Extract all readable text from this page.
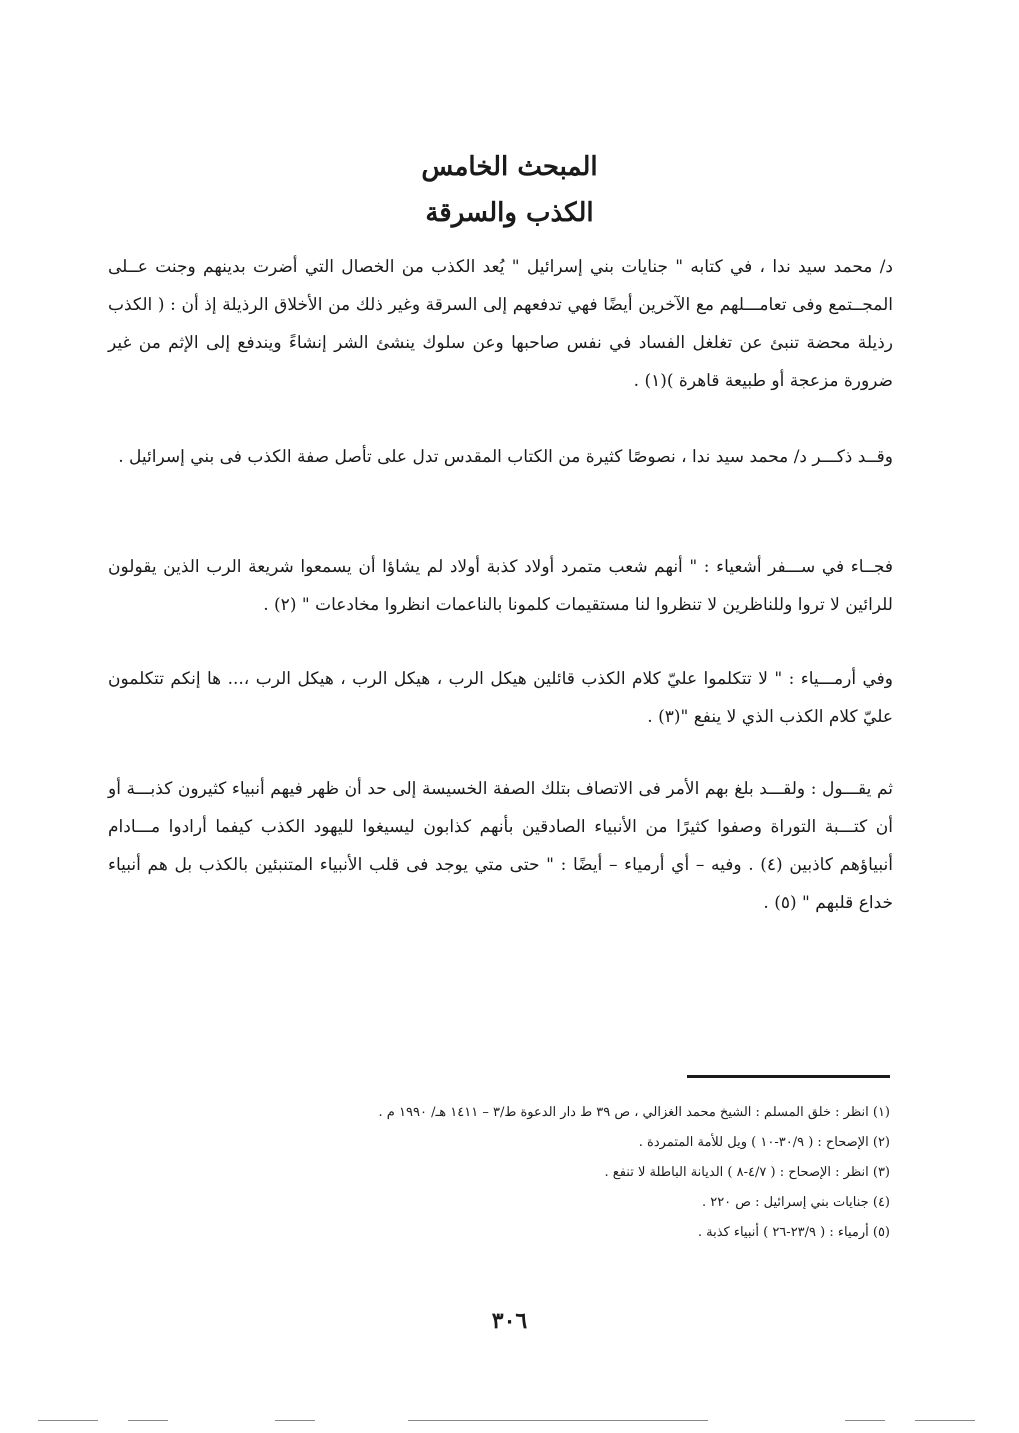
المبحث الخامس
الكذب والسرقة

د/ محمد سيد ندا ، في كتابه " جنايات بني إسرائيل " يُعد الكذب من الخصال التي أضرت بدينهم وجنت عــلى المجــتمع وفى تعامـــلهم مع الآخرين أيضًا فهي تدفعهم إلى السرقة وغير ذلك من الأخلاق الرذيلة إذ أن : ( الكذب رذيلة محضة تنبئ عن تغلغل الفساد في نفس صاحبها وعن سلوك ينشئ الشر إنشاءً ويندفع إلى الإثم من غير ضرورة مزعجة أو طبيعة قاهرة )(١) .

وقــد ذكـــر د/ محمد سيد ندا ، نصوصًا كثيرة من الكتاب المقدس تدل على تأصل صفة الكذب فى بني إسرائيل .

فجــاء في ســـفر أشعياء : " أنهم شعب متمرد أولاد كذبة أولاد لم يشاؤا أن يسمعوا شريعة الرب الذين يقولون للرائين لا تروا وللناظرين لا تنظروا لنا مستقيمات كلمونا بالناعمات انظروا مخادعات " (٢) .

وفي أرمـــياء : " لا تتكلموا عليّ كلام الكذب قائلين هيكل الرب ، هيكل الرب ، هيكل الرب ،... ها إنكم تتكلمون عليّ كلام الكذب الذي لا ينفع "(٣) .

ثم يقـــول : ولقـــد بلغ بهم الأمر فى الاتصاف بتلك الصفة الخسيسة إلى حد أن ظهر فيهم أنبياء كثيرون كذبـــة أو أن كتـــبة التوراة وصفوا كثيرًا من الأنبياء الصادقين بأنهم كذابون ليسيغوا لليهود الكذب كيفما أرادوا مـــادام أنبياؤهم كاذبين (٤) . وفيه – أي أرمياء – أيضًا : " حتى متي يوجد فى قلب الأنبياء المتنبئين بالكذب بل هم أنبياء خداع قلبهم " (٥) .

(١) انظر : خلق المسلم : الشيخ محمد الغزالي ، ص ٣٩ ط دار الدعوة ط/٣ – ١٤١١ هـ/ ١٩٩٠ م .
(٢) الإصحاح : ( ٣٠/٩-١٠ ) ويل للأمة المتمردة .
(٣) انظر : الإصحاح : ( ٤/٧-٨ ) الديانة الباطلة لا تنفع .
(٤) جنايات بني إسرائيل : ص ٢٢٠ .
(٥) أرمياء : ( ٢٣/٩-٢٦ ) أنبياء كذبة .
٣٠٦
